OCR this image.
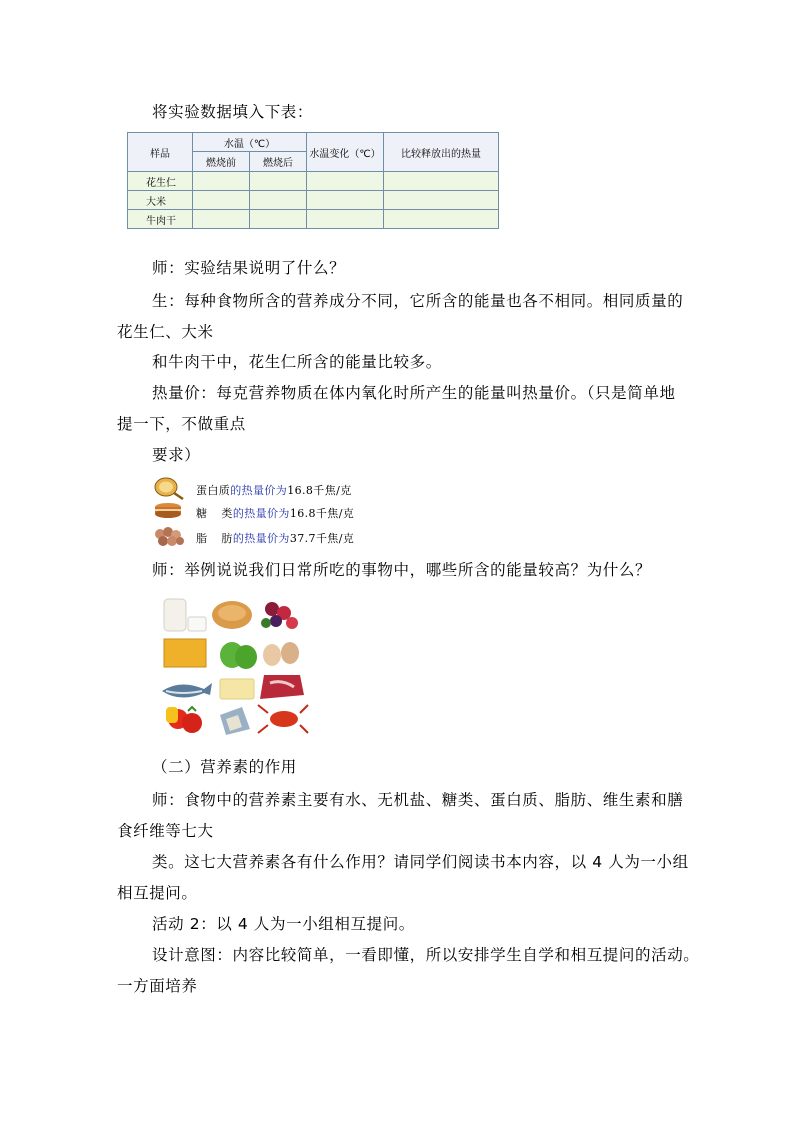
将实验数据填入下表：
样品	水温（℃）		水温变化（℃）	比较释放出的热量
	燃烧前	燃烧后		
花生仁				
大米				
牛肉干				
师：实验结果说明了什么？
生：每种食物所含的营养成分不同，它所含的能量也各不相同。相同质量的
花生仁、大米
和牛肉干中，花生仁所含的能量比较多。
热量价：每克营养物质在体内氧化时所产生的能量叫热量价。（只是简单地
提一下，不做重点
要求）
蛋白质的热量价为16.8千焦/克
糖 类的热量价为16.8千焦/克
脂 肪的热量价为37.7千焦/克
师：举例说说我们日常所吃的事物中，哪些所含的能量较高？为什么？
（二）营养素的作用
师：食物中的营养素主要有水、无机盐、糖类、蛋白质、脂肪、维生素和膳
食纤维等七大
类。这七大营养素各有什么作用？请同学们阅读书本内容，以 4 人为一小组
相互提问。
活动 2：以 4 人为一小组相互提问。
设计意图：内容比较简单，一看即懂，所以安排学生自学和相互提问的活动。
一方面培养
